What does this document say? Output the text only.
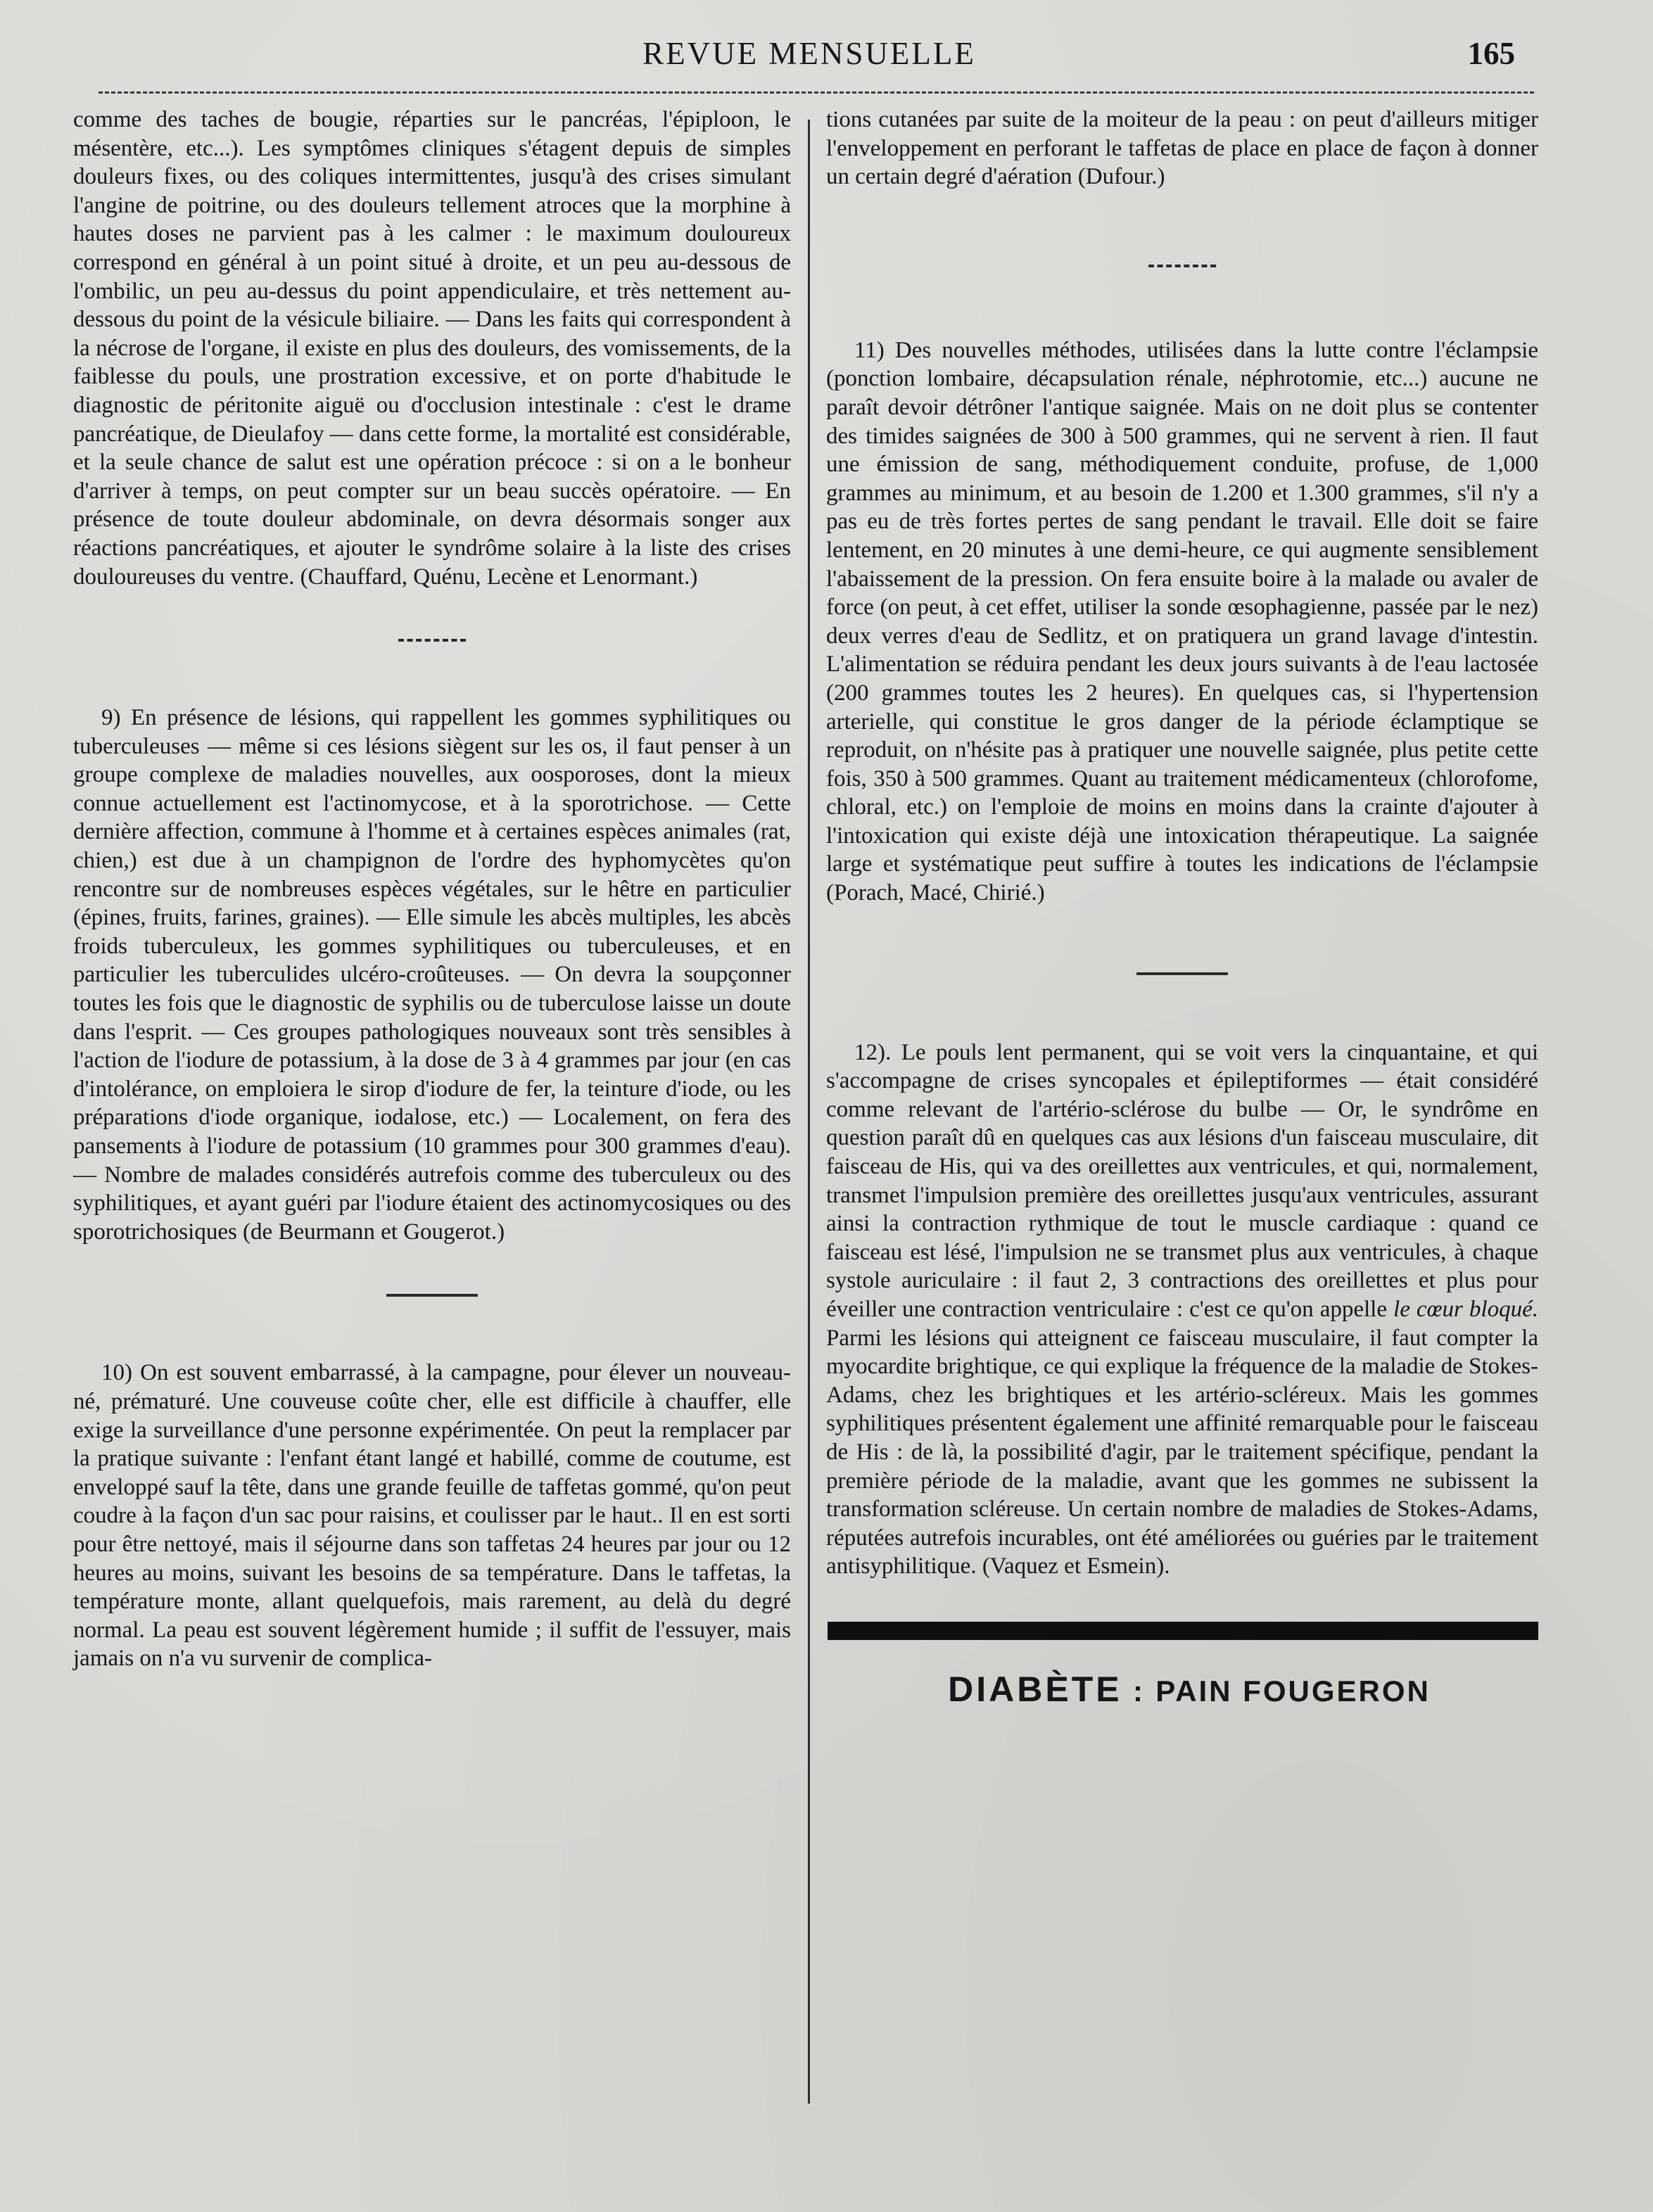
REVUE MENSUELLE	165

comme des taches de bougie, réparties sur le pancréas, l'épiploon, le mésentère, etc...). Les symptômes cliniques s'étagent depuis de simples douleurs fixes, ou des coliques intermittentes, jusqu'à des crises simulant l'angine de poitrine, ou des douleurs tellement atroces que la morphine à hautes doses ne parvient pas à les calmer : le maximum douloureux correspond en général à un point situé à droite, et un peu au-dessous de l'ombilic, un peu au-dessus du point appendiculaire, et très nettement au-dessous du point de la vésicule biliaire. — Dans les faits qui correspondent à la nécrose de l'organe, il existe en plus des douleurs, des vomissements, de la faiblesse du pouls, une prostration excessive, et on porte d'habitude le diagnostic de péritonite aiguë ou d'occlusion intestinale : c'est le drame pancréatique, de Dieulafoy — dans cette forme, la mortalité est considérable, et la seule chance de salut est une opération précoce : si on a le bonheur d'arriver à temps, on peut compter sur un beau succès opératoire. — En présence de toute douleur abdominale, on devra désormais songer aux réactions pancréatiques, et ajouter le syndrôme solaire à la liste des crises douloureuses du ventre. (Chauffard, Quénu, Lecène et Lenormant.)

9) En présence de lésions, qui rappellent les gommes syphilitiques ou tuberculeuses — même si ces lésions siègent sur les os, il faut penser à un groupe complexe de maladies nouvelles, aux oosporoses, dont la mieux connue actuellement est l'actinomycose, et à la sporotrichose. — Cette dernière affection, commune à l'homme et à certaines espèces animales (rat, chien,) est due à un champignon de l'ordre des hyphomycètes qu'on rencontre sur de nombreuses espèces végétales, sur le hêtre en particulier (épines, fruits, farines, graines). — Elle simule les abcès multiples, les abcès froids tuberculeux, les gommes syphilitiques ou tuberculeuses, et en particulier les tuberculides ulcéro-croûteuses. — On devra la soupçonner toutes les fois que le diagnostic de syphilis ou de tuberculose laisse un doute dans l'esprit. — Ces groupes pathologiques nouveaux sont très sensibles à l'action de l'iodure de potassium, à la dose de 3 à 4 grammes par jour (en cas d'intolérance, on emploiera le sirop d'iodure de fer, la teinture d'iode, ou les préparations d'iode organique, iodalose, etc.) — Localement, on fera des pansements à l'iodure de potassium (10 grammes pour 300 grammes d'eau). — Nombre de malades considérés autrefois comme des tuberculeux ou des syphilitiques, et ayant guéri par l'iodure étaient des actinomycosiques ou des sporotrichosiques (de Beurmann et Gougerot.)

10) On est souvent embarrassé, à la campagne, pour élever un nouveau-né, prématuré. Une couveuse coûte cher, elle est difficile à chauffer, elle exige la surveillance d'une personne expérimentée. On peut la remplacer par la pratique suivante : l'enfant étant langé et habillé, comme de coutume, est enveloppé sauf la tête, dans une grande feuille de taffetas gommé, qu'on peut coudre à la façon d'un sac pour raisins, et coulisser par le haut.. Il en est sorti pour être nettoyé, mais il séjourne dans son taffetas 24 heures par jour ou 12 heures au moins, suivant les besoins de sa température. Dans le taffetas, la température monte, allant quelquefois, mais rarement, au delà du degré normal. La peau est souvent légèrement humide ; il suffit de l'essuyer, mais jamais on n'a vu survenir de complica-

tions cutanées par suite de la moiteur de la peau : on peut d'ailleurs mitiger l'enveloppement en perforant le taffetas de place en place de façon à donner un certain degré d'aération (Dufour.)

11) Des nouvelles méthodes, utilisées dans la lutte contre l'éclampsie (ponction lombaire, décapsulation rénale, néphrotomie, etc...) aucune ne paraît devoir détrôner l'antique saignée. Mais on ne doit plus se contenter des timides saignées de 300 à 500 grammes, qui ne servent à rien. Il faut une émission de sang, méthodiquement conduite, profuse, de 1,000 grammes au minimum, et au besoin de 1.200 et 1.300 grammes, s'il n'y a pas eu de très fortes pertes de sang pendant le travail. Elle doit se faire lentement, en 20 minutes à une demi-heure, ce qui augmente sensiblement l'abaissement de la pression. On fera ensuite boire à la malade ou avaler de force (on peut, à cet effet, utiliser la sonde œsophagienne, passée par le nez) deux verres d'eau de Sedlitz, et on pratiquera un grand lavage d'intestin. L'alimentation se réduira pendant les deux jours suivants à de l'eau lactosée (200 grammes toutes les 2 heures). En quelques cas, si l'hypertension arterielle, qui constitue le gros danger de la période éclamptique se reproduit, on n'hésite pas à pratiquer une nouvelle saignée, plus petite cette fois, 350 à 500 grammes. Quant au traitement médicamenteux (chlorofome, chloral, etc.) on l'emploie de moins en moins dans la crainte d'ajouter à l'intoxication qui existe déjà une intoxication thérapeutique. La saignée large et systématique peut suffire à toutes les indications de l'éclampsie (Porach, Macé, Chirié.)

12). Le pouls lent permanent, qui se voit vers la cinquantaine, et qui s'accompagne de crises syncopales et épileptiformes — était considéré comme relevant de l'artério-sclérose du bulbe — Or, le syndrôme en question paraît dû en quelques cas aux lésions d'un faisceau musculaire, dit faisceau de His, qui va des oreillettes aux ventricules, et qui, normalement, transmet l'impulsion première des oreillettes jusqu'aux ventricules, assurant ainsi la contraction rythmique de tout le muscle cardiaque : quand ce faisceau est lésé, l'impulsion ne se transmet plus aux ventricules, à chaque systole auriculaire : il faut 2, 3 contractions des oreillettes et plus pour éveiller une contraction ventriculaire : c'est ce qu'on appelle le cœur bloqué. Parmi les lésions qui atteignent ce faisceau musculaire, il faut compter la myocardite brightique, ce qui explique la fréquence de la maladie de Stokes-Adams, chez les brightiques et les artério-scléreux. Mais les gommes syphilitiques présentent également une affinité remarquable pour le faisceau de His : de là, la possibilité d'agir, par le traitement spécifique, pendant la première période de la maladie, avant que les gommes ne subissent la transformation scléreuse. Un certain nombre de maladies de Stokes-Adams, réputées autrefois incurables, ont été améliorées ou guéries par le traitement antisyphilitique. (Vaquez et Esmein).

DIABÈTE : PAIN FOUGERON
